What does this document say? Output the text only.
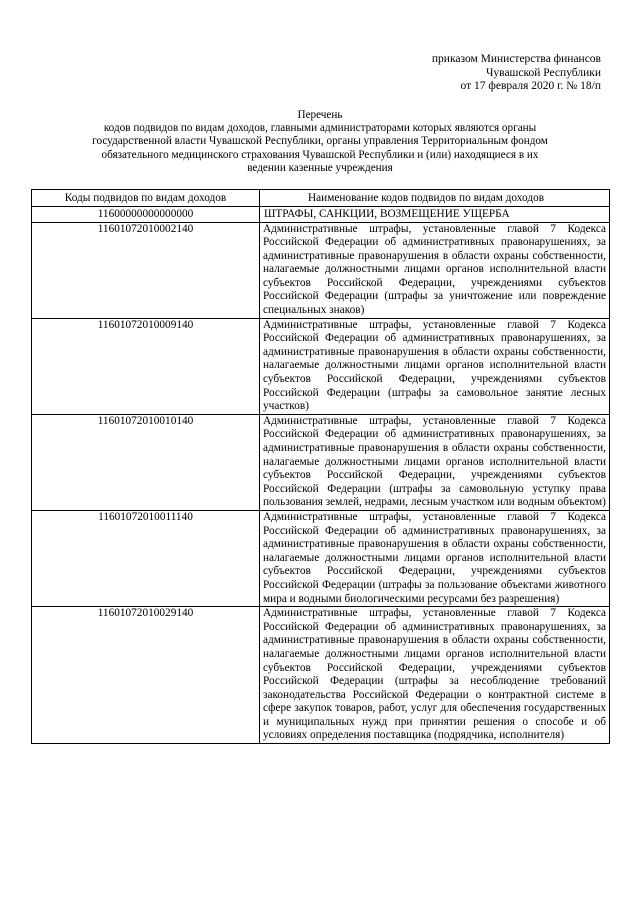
приказом Министерства финансов
Чувашской Республики
от 17 февраля 2020 г. № 18/п
Перечень
кодов подвидов по видам доходов, главными администраторами которых являются органы
государственной власти Чувашской Республики, органы управления Территориальным фондом
обязательного медицинского страхования Чувашской Республики и (или) находящиеся в их
ведении казенные учреждения
Коды подвидов по видам доходов	Наименование кодов подвидов по видам доходов
11600000000000000	ШТРАФЫ, САНКЦИИ, ВОЗМЕЩЕНИЕ УЩЕРБА
11601072010002140	Административные штрафы, установленные главой 7 Кодекса Российской Федерации об административных правонарушениях, за административные правонарушения в области охраны собственности, налагаемые должностными лицами органов исполнительной власти субъектов Российской Федерации, учреждениями субъектов Российской Федерации (штрафы за уничтожение или повреждение специальных знаков)
11601072010009140	Административные штрафы, установленные главой 7 Кодекса Российской Федерации об административных правонарушениях, за административные правонарушения в области охраны собственности, налагаемые должностными лицами органов исполнительной власти субъектов Российской Федерации, учреждениями субъектов Российской Федерации (штрафы за самовольное занятие лесных участков)
11601072010010140	Административные штрафы, установленные главой 7 Кодекса Российской Федерации об административных правонарушениях, за административные правонарушения в области охраны собственности, налагаемые должностными лицами органов исполнительной власти субъектов Российской Федерации, учреждениями субъектов Российской Федерации (штрафы за самовольную уступку права пользования землей, недрами, лесным участком или водным объектом)
11601072010011140	Административные штрафы, установленные главой 7 Кодекса Российской Федерации об административных правонарушениях, за административные правонарушения в области охраны собственности, налагаемые должностными лицами органов исполнительной власти субъектов Российской Федерации, учреждениями субъектов Российской Федерации (штрафы за пользование объектами животного мира и водными биологическими ресурсами без разрешения)
11601072010029140	Административные штрафы, установленные главой 7 Кодекса Российской Федерации об административных правонарушениях, за административные правонарушения в области охраны собственности, налагаемые должностными лицами органов исполнительной власти субъектов Российской Федерации, учреждениями субъектов Российской Федерации (штрафы за несоблюдение требований законодательства Российской Федерации о контрактной системе в сфере закупок товаров, работ, услуг для обеспечения государственных и муниципальных нужд при принятии решения о способе и об условиях определения поставщика (подрядчика, исполнителя)
